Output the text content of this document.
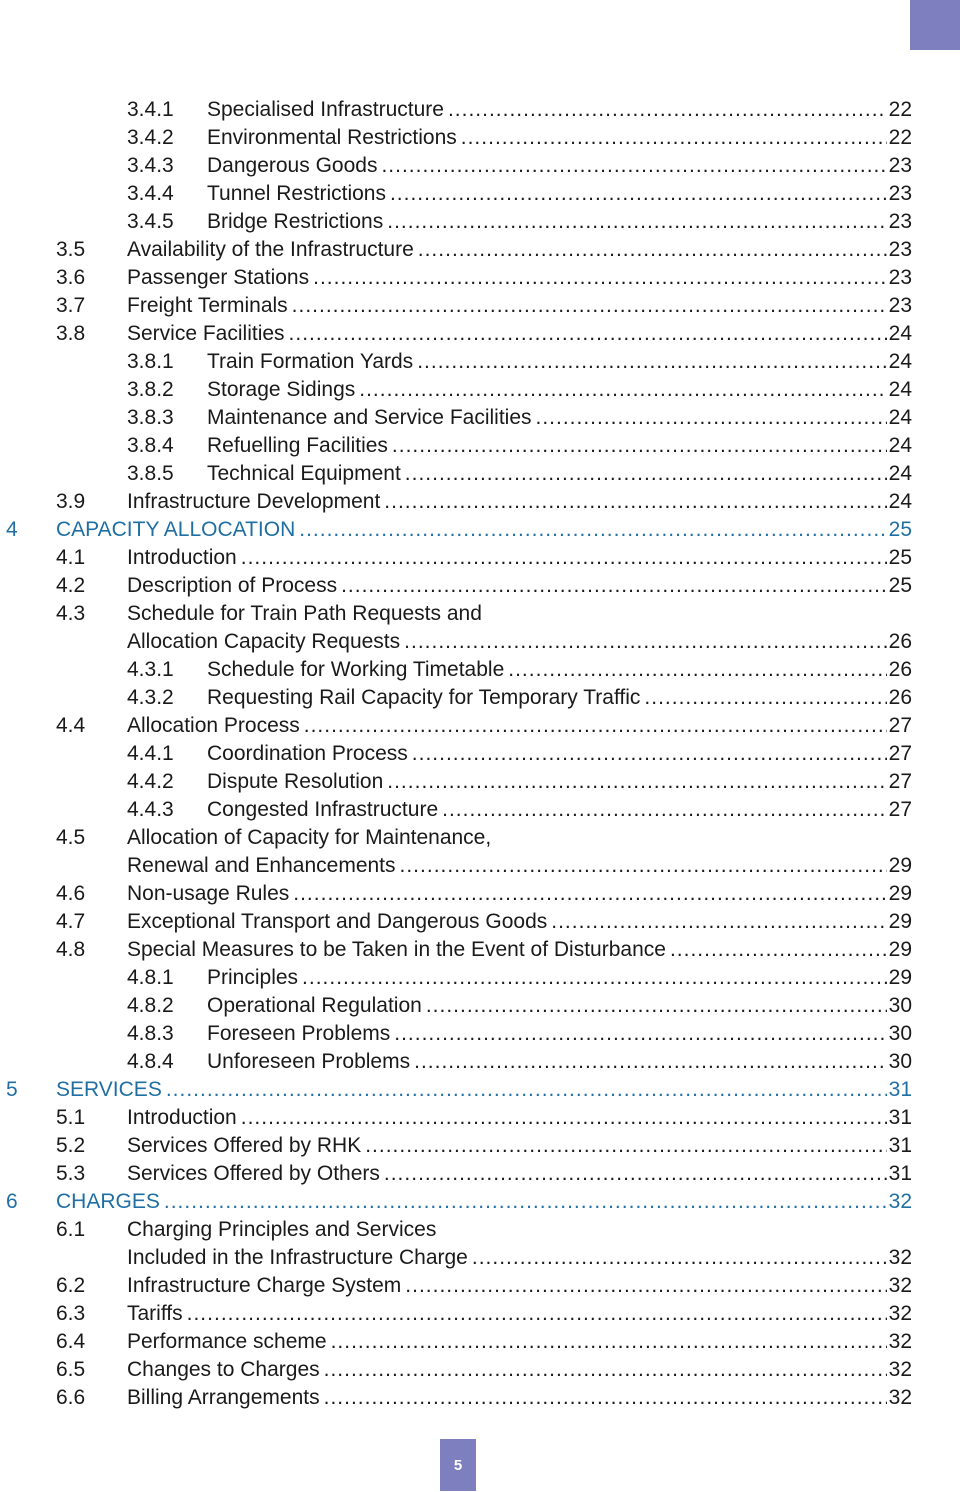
3.4.1 Specialised Infrastructure .....	22
3.4.2 Environmental Restrictions .....	22
3.4.3 Dangerous Goods .....	23
3.4.4 Tunnel Restrictions .....	23
3.4.5 Bridge Restrictions .....	23
3.5 Availability of the Infrastructure .....	23
3.6 Passenger Stations .....	23
3.7 Freight Terminals .....	23
3.8 Service Facilities .....	24
3.8.1 Train Formation Yards .....	24
3.8.2 Storage Sidings .....	24
3.8.3 Maintenance and Service Facilities .....	24
3.8.4 Refuelling Facilities .....	24
3.8.5 Technical Equipment .....	24
3.9 Infrastructure Development .....	24
4 CAPACITY ALLOCATION .....	25
4.1 Introduction .....	25
4.2 Description of Process .....	25
4.3 Schedule for Train Path Requests and
Allocation Capacity Requests .....	26
4.3.1 Schedule for Working Timetable .....	26
4.3.2 Requesting Rail Capacity for Temporary Traffic .....	26
4.4 Allocation Process .....	27
4.4.1 Coordination Process .....	27
4.4.2 Dispute Resolution .....	27
4.4.3 Congested Infrastructure .....	27
4.5 Allocation of Capacity for Maintenance,
Renewal and Enhancements .....	29
4.6 Non-usage Rules .....	29
4.7 Exceptional Transport and Dangerous Goods .....	29
4.8 Special Measures to be Taken in the Event of Disturbance .....	29
4.8.1 Principles .....	29
4.8.2 Operational Regulation .....	30
4.8.3 Foreseen Problems .....	30
4.8.4 Unforeseen Problems .....	30
5 SERVICES .....	31
5.1 Introduction .....	31
5.2 Services Offered by RHK .....	31
5.3 Services Offered by Others .....	31
6 CHARGES .....	32
6.1 Charging Principles and Services
Included in the Infrastructure Charge .....	32
6.2 Infrastructure Charge System .....	32
6.3 Tariffs .....	32
6.4 Performance scheme .....	32
6.5 Changes to Charges .....	32
6.6 Billing Arrangements .....	32
5
